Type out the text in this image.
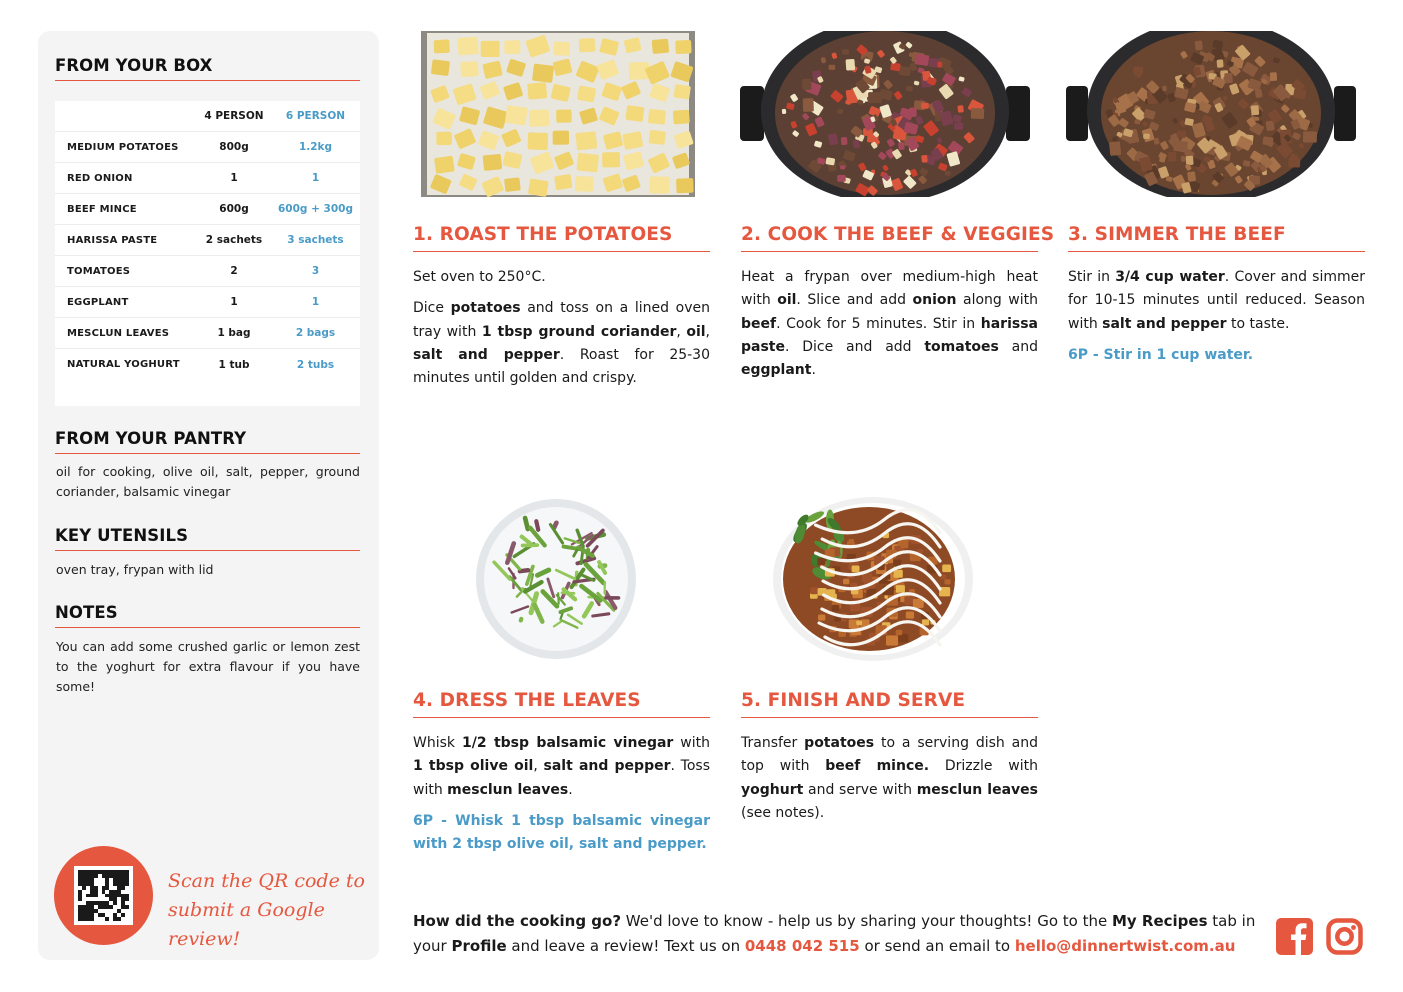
FROM YOUR BOX
4 PERSON	6 PERSON
MEDIUM POTATOES	800g	1.2kg
RED ONION	1	1
BEEF MINCE	600g	600g + 300g
HARISSA PASTE	2 sachets	3 sachets
TOMATOES	2	3
EGGPLANT	1	1
MESCLUN LEAVES	1 bag	2 bags
NATURAL YOGHURT	1 tub	2 tubs
FROM YOUR PANTRY
oil for cooking, olive oil, salt, pepper, ground coriander, balsamic vinegar
KEY UTENSILS
oven tray, frypan with lid
NOTES
You can add some crushed garlic or lemon zest to the yoghurt for extra flavour if you have some!
Scan the QR code to
submit a Google review!
1. ROAST THE POTATOES

Set oven to 250°C.

Dice potatoes and toss on a lined oven tray with 1 tbsp ground coriander, oil, salt and pepper. Roast for 25-30 minutes until golden and crispy.

2. COOK THE BEEF & VEGGIES

Heat a frypan over medium-high heat with oil. Slice and add onion along with beef. Cook for 5 minutes. Stir in harissa paste. Dice and add tomatoes and eggplant.

3. SIMMER THE BEEF

Stir in 3/4 cup water. Cover and simmer for 10-15 minutes until reduced. Season with salt and pepper to taste.

6P - Stir in 1 cup water.

4. DRESS THE LEAVES

Whisk 1/2 tbsp balsamic vinegar with 1 tbsp olive oil, salt and pepper. Toss with mesclun leaves.

6P - Whisk 1 tbsp balsamic vinegar with 2 tbsp olive oil, salt and pepper.

5. FINISH AND SERVE

Transfer potatoes to a serving dish and top with beef mince. Drizzle with yoghurt and serve with mesclun leaves (see notes).

How did the cooking go? We'd love to know - help us by sharing your thoughts! Go to the My Recipes tab in your Profile and leave a review! Text us on 0448 042 515 or send an email to hello@dinnertwist.com.au
